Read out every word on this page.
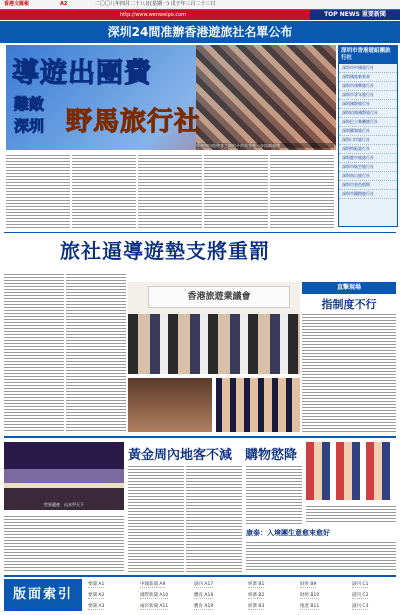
香港文匯報	A2	二〇〇八年四月二十八日(星期一) 戊子年三月二十三日
http://www.wenweipo.com	TOP NEWS 重要新聞
深圳24間准辦香港遊旅社名單公布
導遊出團費
難敵
深圳 野馬旅行社
導遊和內地遊客之間的矛盾需要進一步協調處理
深圳市香港遊組團旅行社
深圳市中國旅行社
深圳國旅新景界
深圳市康輝旅行社
深圳市青年旅行社
深圳國際旅行社
深圳招商國際旅行社
深圳巴士集團旅行社
深圳羅湖旅行社
深圳口岸旅行社
深圳特區旅行社
深圳港中旅旅行社
深圳市航空旅行社
深圳南山旅行社
深圳市金色假期
深圳市鐵路旅行社
旅社逼導遊墊支將重罰
香港旅遊業議會
直擊現場
指制度不行
世界遺產　山水甲天下
黃金周內地客不減　購物慾降
康泰：入境團生意愈來愈好
版面索引
要聞 A1	中國新聞 A9	副刊 A17	經濟 B1	財經 B9	副刊 C1
要聞 A2	國際新聞 A10	體育 A18	經濟 B2	財經 B10	副刊 C2
要聞 A3	兩岸新聞 A11	體育 A19	經濟 B3	地產 B11	副刊 C3
